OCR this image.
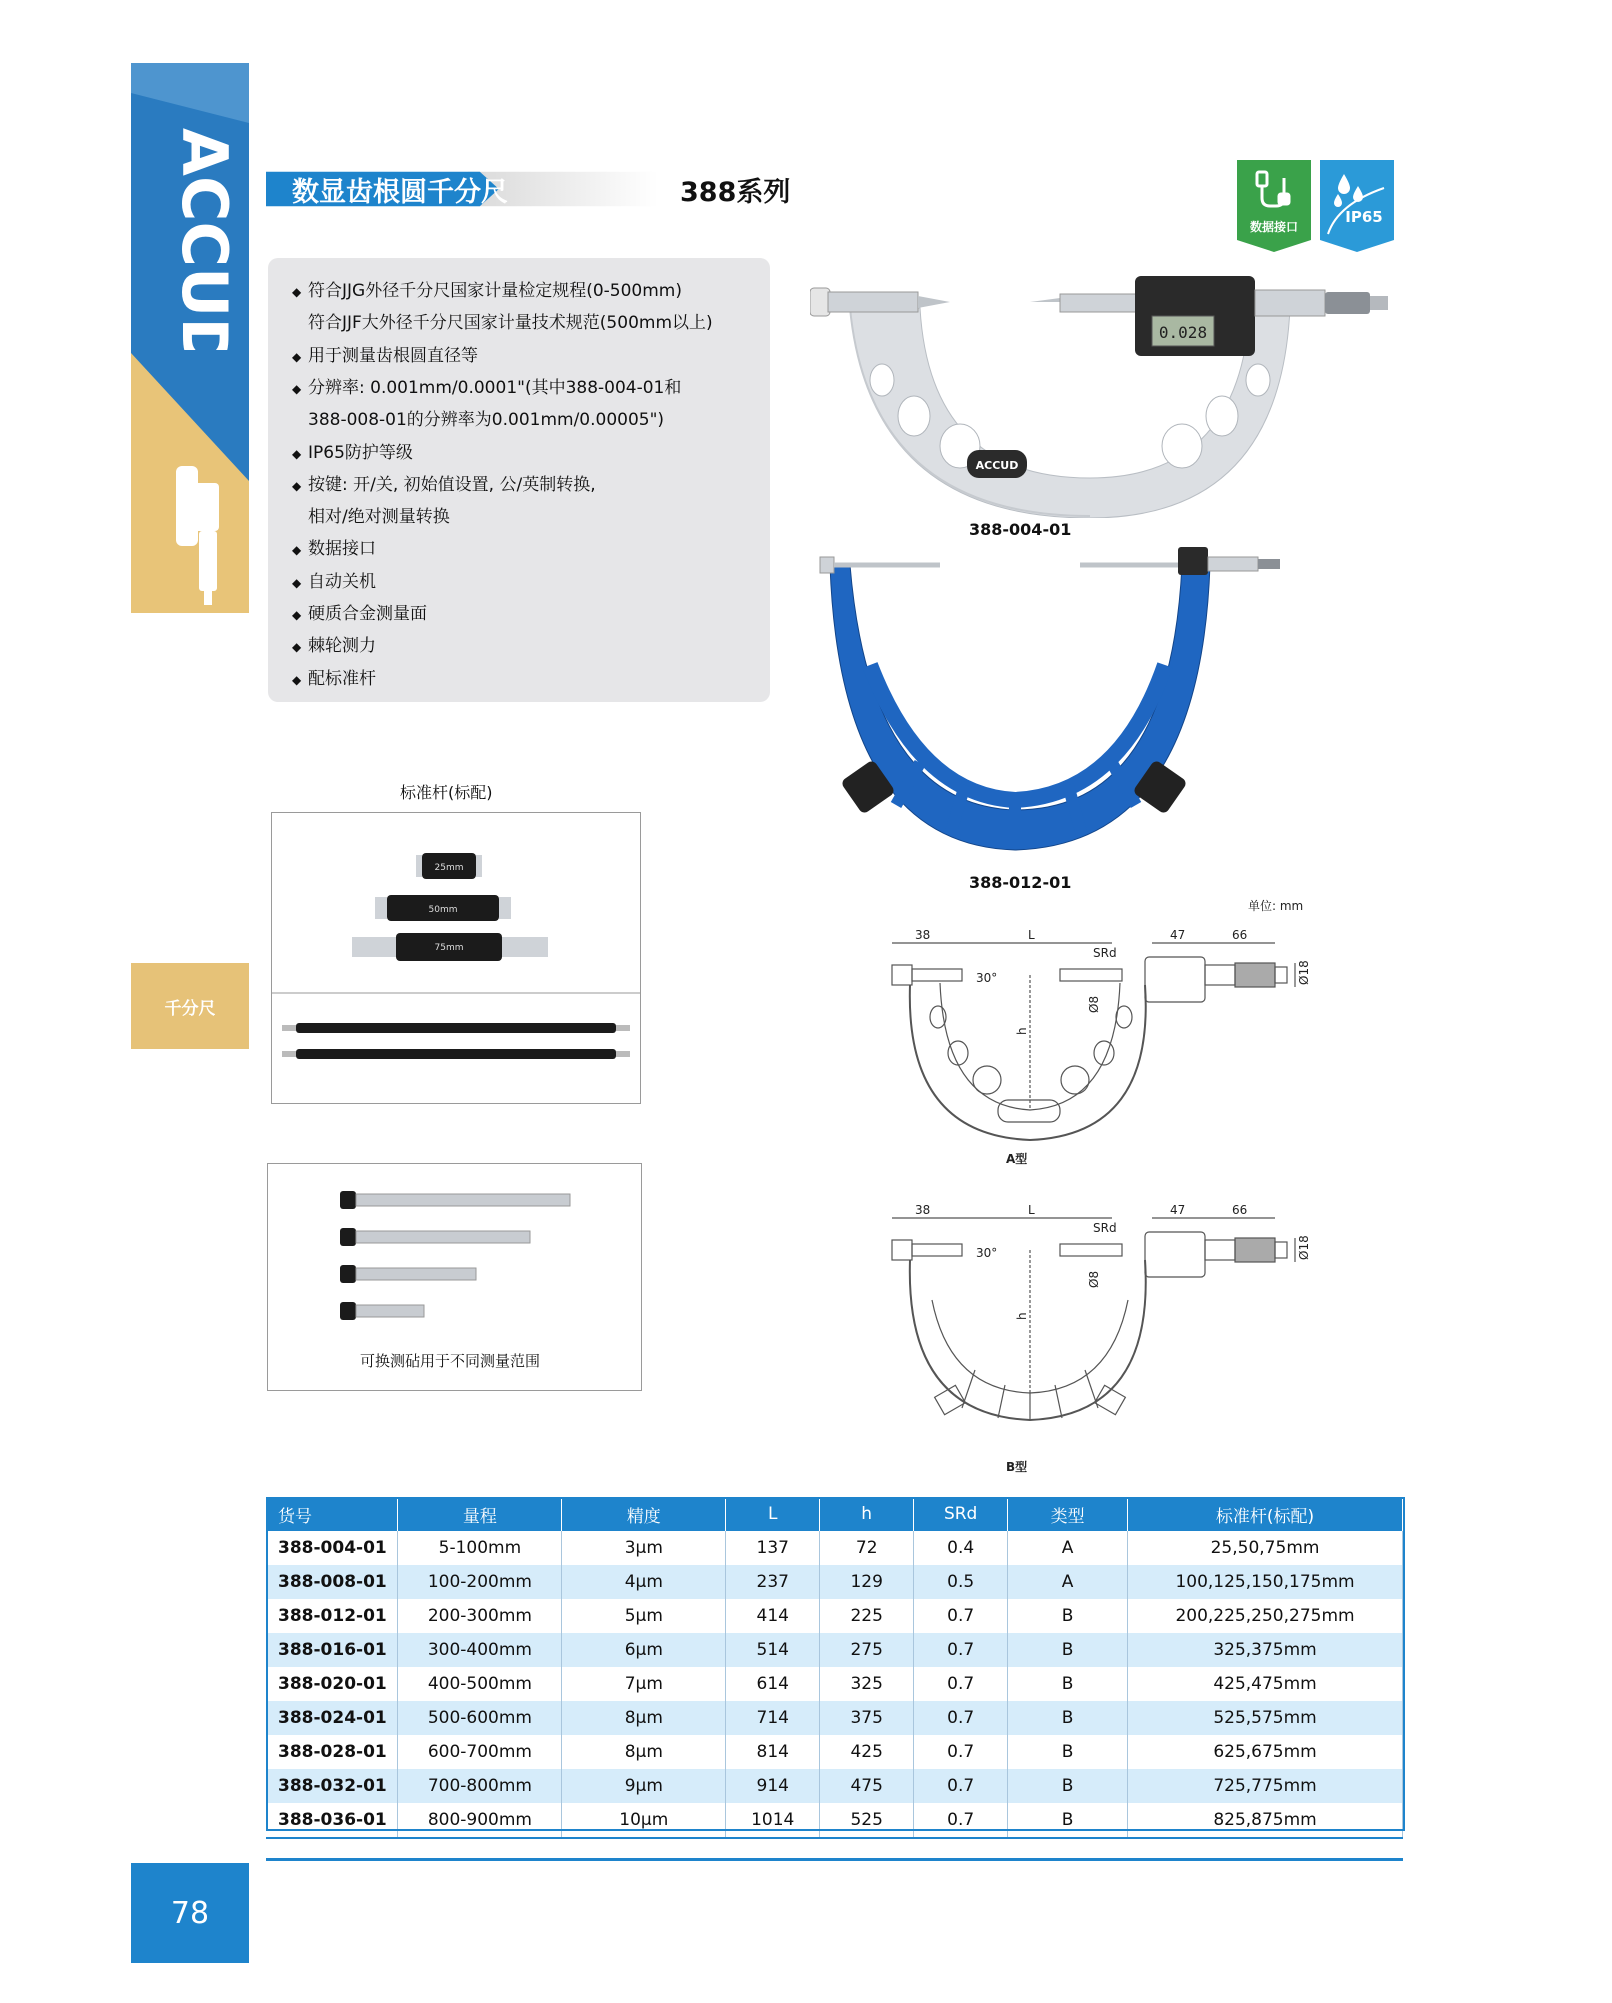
ACCUD
千分尺
78
数显齿根圆千分尺	388系列
数据接口
IP65
◆ 符合JJG外径千分尺国家计量检定规程(0-500mm)
符合JJF大外径千分尺国家计量技术规范(500mm以上)
◆ 用于测量齿根圆直径等
◆ 分辨率: 0.001mm/0.0001"(其中388-004-01和
388-008-01的分辨率为0.001mm/0.00005")
◆ IP65防护等级
◆ 按键: 开/关, 初始值设置, 公/英制转换,
相对/绝对测量转换
◆ 数据接口
◆ 自动关机
◆ 硬质合金测量面
◆ 棘轮测力
◆ 配标准杆
ACCUD
0.028
388-004-01
388-012-01
标准杆(标配)
25mm
50mm
75mm
可换测砧用于不同测量范围
单位: mm
38	L
SRd
30°
47	66
Ø18
Ø8
h
A型
38	L
SRd
30°
47	66
Ø18
Ø8
h
B型
货号	量程	精度	L	h	SRd	类型	标准杆(标配)
388-004-01	5-100mm	3μm	137	72	0.4	A	25,50,75mm
388-008-01	100-200mm	4μm	237	129	0.5	A	100,125,150,175mm
388-012-01	200-300mm	5μm	414	225	0.7	B	200,225,250,275mm
388-016-01	300-400mm	6μm	514	275	0.7	B	325,375mm
388-020-01	400-500mm	7μm	614	325	0.7	B	425,475mm
388-024-01	500-600mm	8μm	714	375	0.7	B	525,575mm
388-028-01	600-700mm	8μm	814	425	0.7	B	625,675mm
388-032-01	700-800mm	9μm	914	475	0.7	B	725,775mm
388-036-01	800-900mm	10μm	1014	525	0.7	B	825,875mm
